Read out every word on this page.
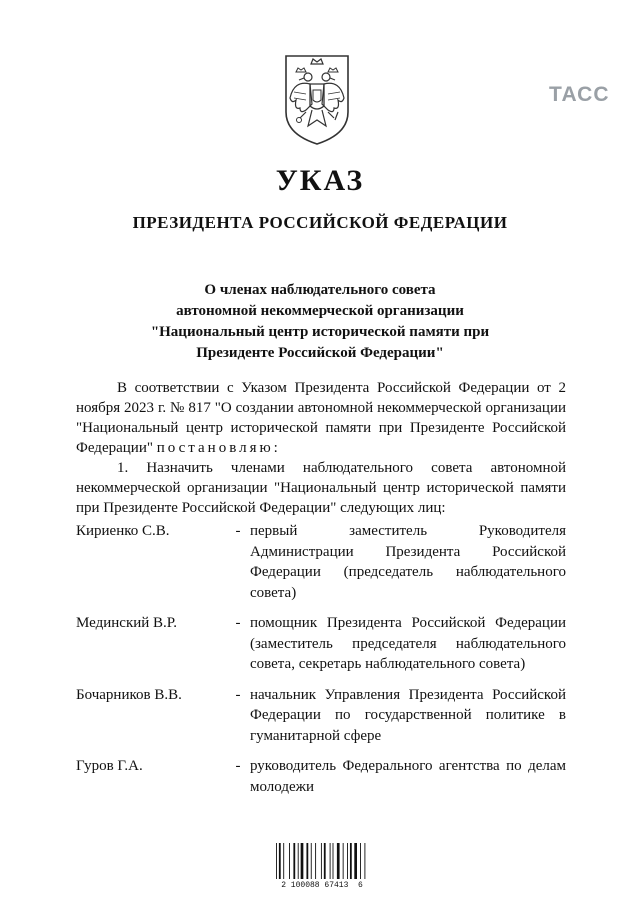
ТАСС
УКАЗ
ПРЕЗИДЕНТА РОССИЙСКОЙ ФЕДЕРАЦИИ
О членах наблюдательного совета
автономной некоммерческой организации
"Национальный центр исторической памяти при
Президенте Российской Федерации"

В соответствии с Указом Президента Российской Федерации от 2 ноября 2023 г. № 817 "О создании автономной некоммерческой организации "Национальный центр исторической памяти при Президенте Российской Федерации" постановляю:

1. Назначить членами наблюдательного совета автономной некоммерческой организации "Национальный центр исторической памяти при Президенте Российской Федерации" следующих лиц:

Кириенко С.В.	- первый заместитель Руководителя Администрации Президента Российской Федерации (председатель наблюдательного совета)
Мединский В.Р.	- помощник Президента Российской Федерации (заместитель председателя наблюдательного совета, секретарь наблюдательного совета)
Бочарников В.В.	- начальник Управления Президента Российской Федерации по государственной политике в гуманитарной сфере
Гуров Г.А.	- руководитель Федерального агентства по делам молодежи
2 100088 67413  6
